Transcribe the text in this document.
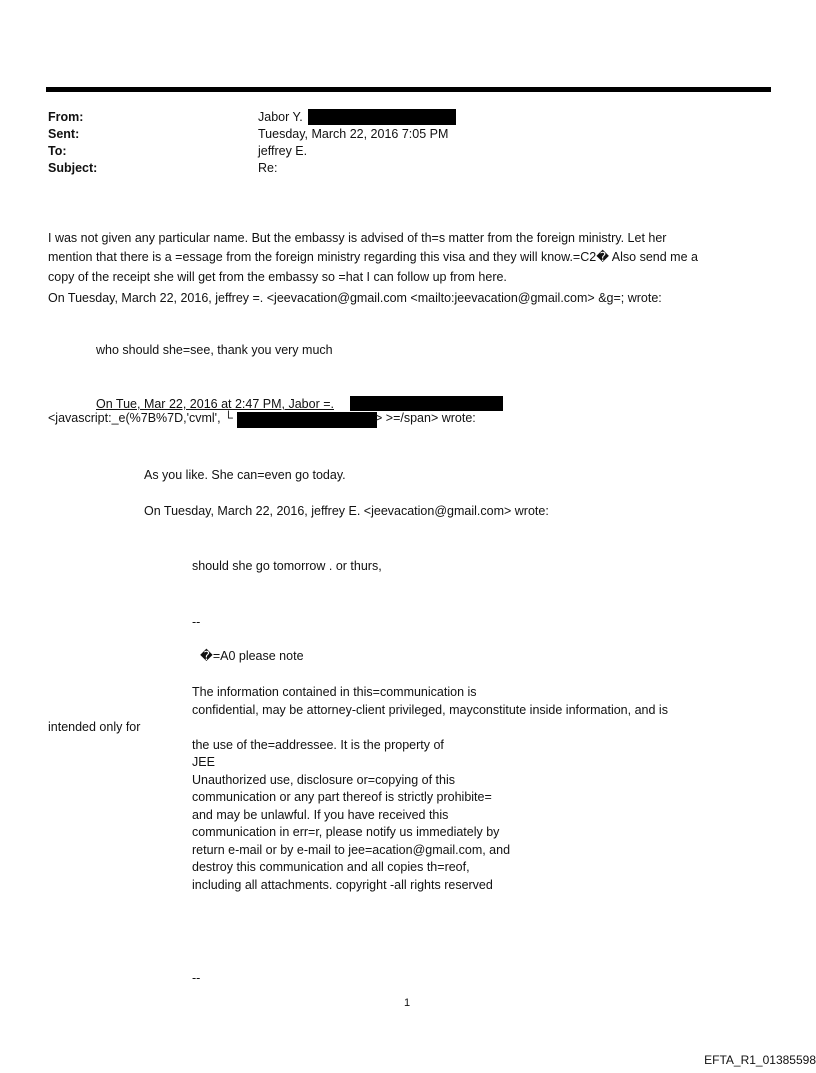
From:	Jabor Y.
Sent:	Tuesday, March 22, 2016 7:05 PM
To:	jeffrey E.
Subject:	Re:
I was not given any particular name. But the embassy is advised of th=s matter from the foreign ministry. Let her
mention that there is a =essage from the foreign ministry regarding this visa and they will know.=C2� Also send me a
copy of the receipt she will get from the embassy so =hat I can follow up from here.
On Tuesday, March 22, 2016, jeffrey =. <jeevacation@gmail.com <mailto:jeevacation@gmail.com> &g=; wrote:
who should she=see, thank you very much
On Tue, Mar 22, 2016 at 2:47 PM, Jabor =.
<javascript:_e(%7B%7D,'cvml', └	> >=/span> wrote:
As you like. She can=even go today.
On Tuesday, March 22, 2016, jeffrey E. <jeevacation@gmail.com> wrote:
should she go tomorrow . or thurs,
--
�=A0 please note
The information contained in this=communication is
confidential, may be attorney-client privileged, mayconstitute inside information, and is
intended only for
the use of the=addressee. It is the property of
JEE
Unauthorized use, disclosure or=copying of this
communication or any part thereof is strictly prohibite=
and may be unlawful. If you have received this
communication in err=r, please notify us immediately by
return e-mail or by e-mail to jee=acation@gmail.com, and
destroy this communication and all copies th=reof,
including all attachments. copyright -all rights reserved
--
1
EFTA_R1_01385598
